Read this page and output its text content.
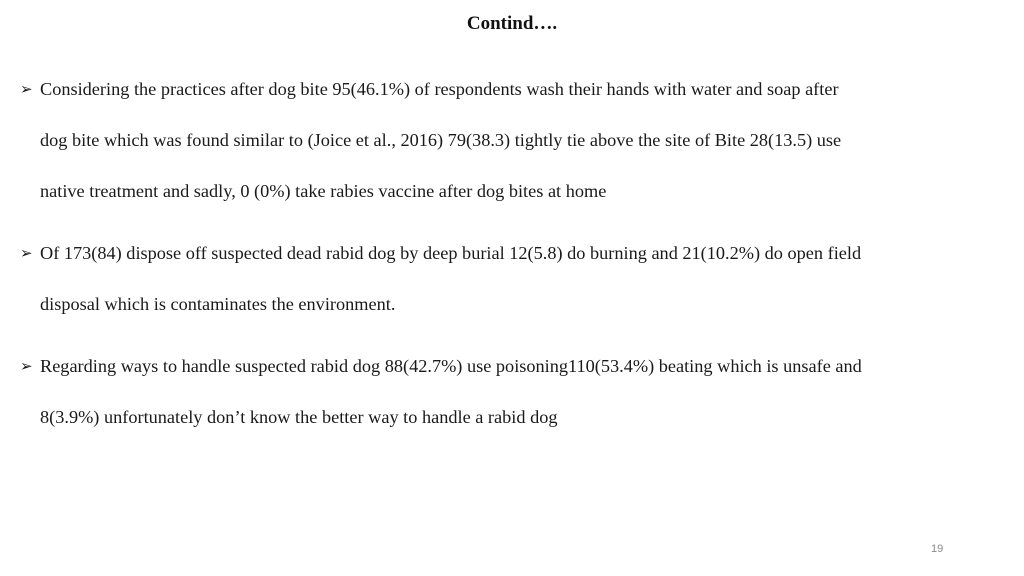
Contind….
➢ Considering the practices after dog bite 95(46.1%) of respondents wash their hands with water and soap after
dog bite which was found similar to (Joice et al., 2016) 79(38.3) tightly tie above the site of Bite 28(13.5) use
native treatment and sadly, 0 (0%) take rabies vaccine after dog bites at home
➢ Of 173(84) dispose off suspected dead rabid dog by deep burial 12(5.8) do burning and 21(10.2%) do open field
disposal which is contaminates the environment.
➢ Regarding ways to handle suspected rabid dog 88(42.7%) use poisoning110(53.4%) beating which is unsafe and
8(3.9%) unfortunately don’t know the better way to handle a rabid dog
19
